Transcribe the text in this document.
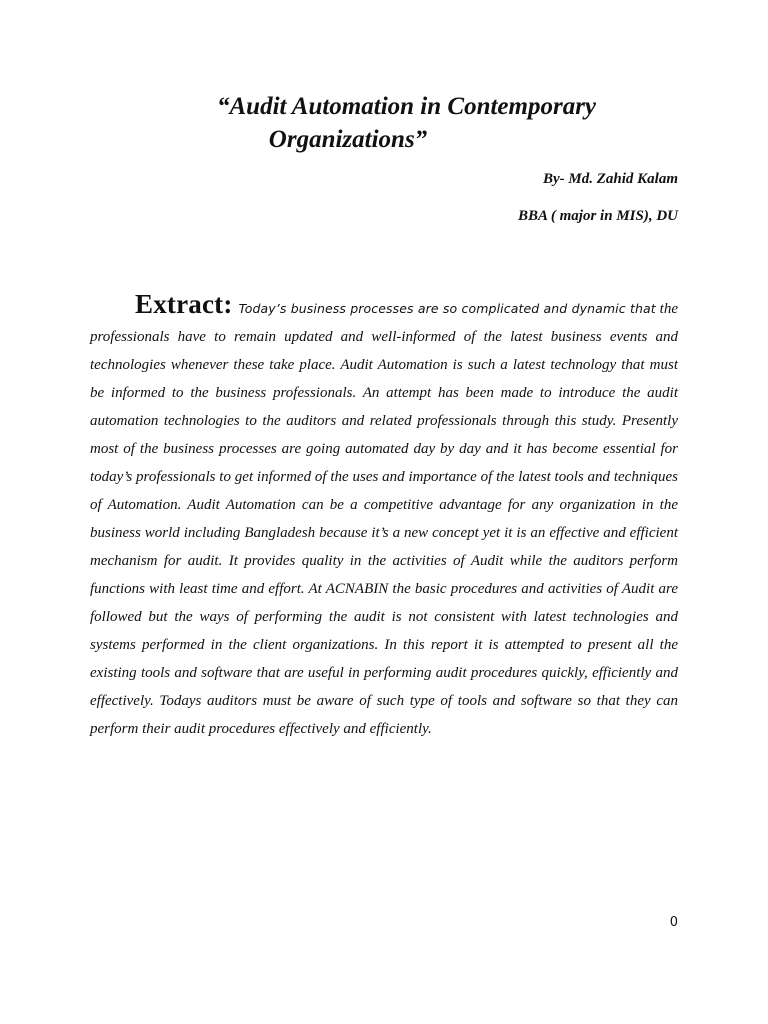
“Audit Automation in Contemporary
Organizations”

By- Md. Zahid Kalam

BBA ( major in MIS), DU

Extract: Today’s business processes are so complicated and dynamic that the professionals have to remain updated and well-informed of the latest business events and technologies whenever these take place. Audit Automation is such a latest technology that must be informed to the business professionals. An attempt has been made to introduce the audit automation technologies to the auditors and related professionals through this study. Presently most of the business processes are going automated day by day and it has become essential for today’s professionals to get informed of the uses and importance of the latest tools and techniques of Automation. Audit Automation can be a competitive advantage for any organization in the business world including Bangladesh because it’s a new concept yet it is an effective and efficient mechanism for audit. It provides quality in the activities of Audit while the auditors perform functions with least time and effort. At ACNABIN the basic procedures and activities of Audit are followed but the ways of performing the audit is not consistent with latest technologies and systems performed in the client organizations. In this report it is attempted to present all the existing tools and software that are useful in performing audit procedures quickly, efficiently and effectively. Todays auditors must be aware of such type of tools and software so that they can perform their audit procedures effectively and efficiently.

0
